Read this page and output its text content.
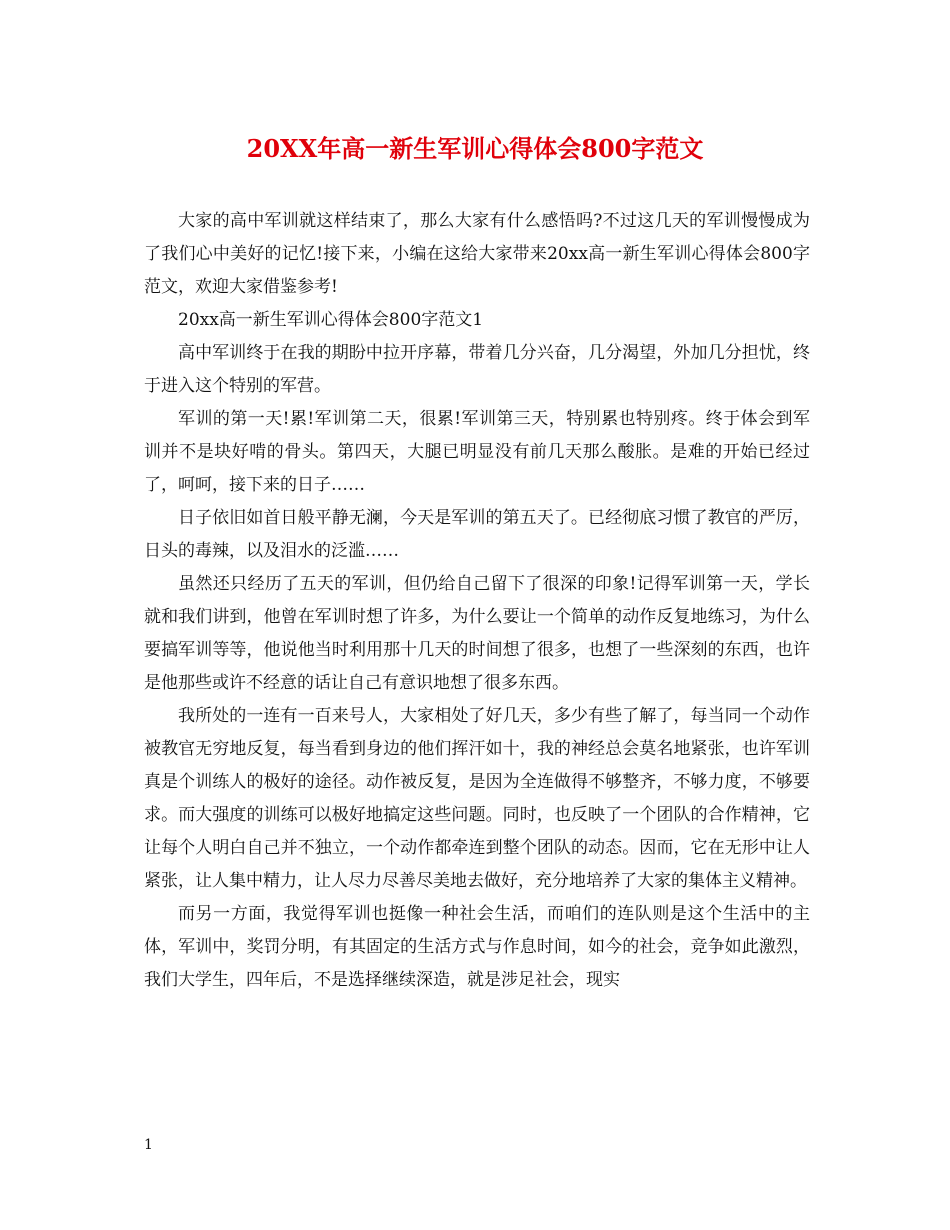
20XX年高一新生军训心得体会800字范文

大家的高中军训就这样结束了，那么大家有什么感悟吗?不过这几天的军训慢慢成为了我们心中美好的记忆!接下来，小编在这给大家带来20xx高一新生军训心得体会800字范文，欢迎大家借鉴参考!

20xx高一新生军训心得体会800字范文1

高中军训终于在我的期盼中拉开序幕，带着几分兴奋，几分渴望，外加几分担忧，终于进入这个特别的军营。

军训的第一天!累!军训第二天，很累!军训第三天，特别累也特别疼。终于体会到军训并不是块好啃的骨头。第四天，大腿已明显没有前几天那么酸胀。是难的开始已经过了，呵呵，接下来的日子……

日子依旧如首日般平静无澜，今天是军训的第五天了。已经彻底习惯了教官的严厉，日头的毒辣，以及泪水的泛滥……

虽然还只经历了五天的军训，但仍给自己留下了很深的印象!记得军训第一天，学长就和我们讲到，他曾在军训时想了许多，为什么要让一个简单的动作反复地练习，为什么要搞军训等等，他说他当时利用那十几天的时间想了很多，也想了一些深刻的东西，也许是他那些或许不经意的话让自己有意识地想了很多东西。

我所处的一连有一百来号人，大家相处了好几天，多少有些了解了，每当同一个动作被教官无穷地反复，每当看到身边的他们挥汗如十，我的神经总会莫名地紧张，也许军训真是个训练人的极好的途径。动作被反复，是因为全连做得不够整齐，不够力度，不够要求。而大强度的训练可以极好地搞定这些问题。同时，也反映了一个团队的合作精神，它让每个人明白自己并不独立，一个动作都牵连到整个团队的动态。因而，它在无形中让人紧张，让人集中精力，让人尽力尽善尽美地去做好，充分地培养了大家的集体主义精神。

而另一方面，我觉得军训也挺像一种社会生活，而咱们的连队则是这个生活中的主体，军训中，奖罚分明，有其固定的生活方式与作息时间，如今的社会，竞争如此激烈，我们大学生，四年后，不是选择继续深造，就是涉足社会，现实

1
